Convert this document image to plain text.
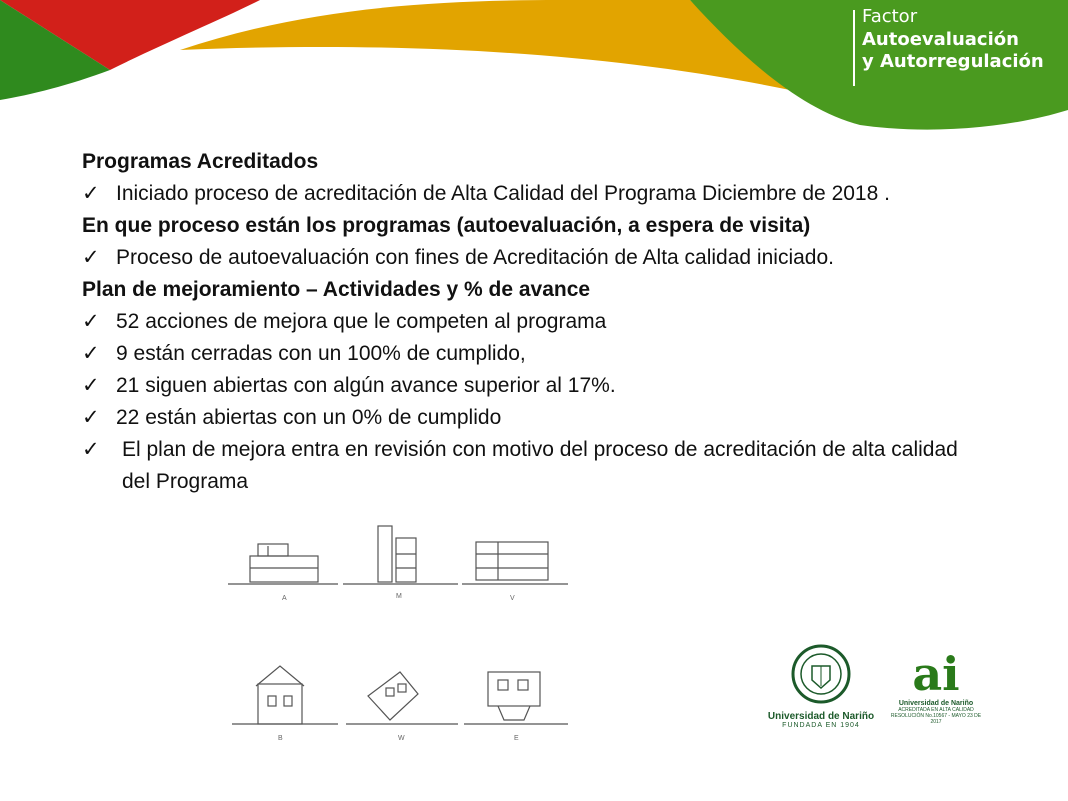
Factor
Autoevaluación
y Autorregulación
Programas Acreditados
✓ Iniciado proceso de acreditación de Alta Calidad del Programa Diciembre de 2018 .
En que proceso están los programas (autoevaluación, a espera de visita)
✓ Proceso de autoevaluación con fines de Acreditación de Alta calidad iniciado.
Plan de mejoramiento – Actividades y % de avance
✓ 52 acciones de mejora que le competen al programa
✓ 9 están cerradas con un 100% de cumplido,
✓ 21 siguen abiertas con algún avance superior al 17%.
✓ 22 están abiertas con un 0% de cumplido
✓ El plan de mejora entra en revisión con motivo del proceso de acreditación de alta calidad del Programa
A	M	V
B	W	E
Universidad de Nariño
FUNDADA EN 1904
ai
Universidad de Nariño
ACREDITADA EN ALTA CALIDAD
RESOLUCIÓN No.10567 - MAYO 23 DE 2017
